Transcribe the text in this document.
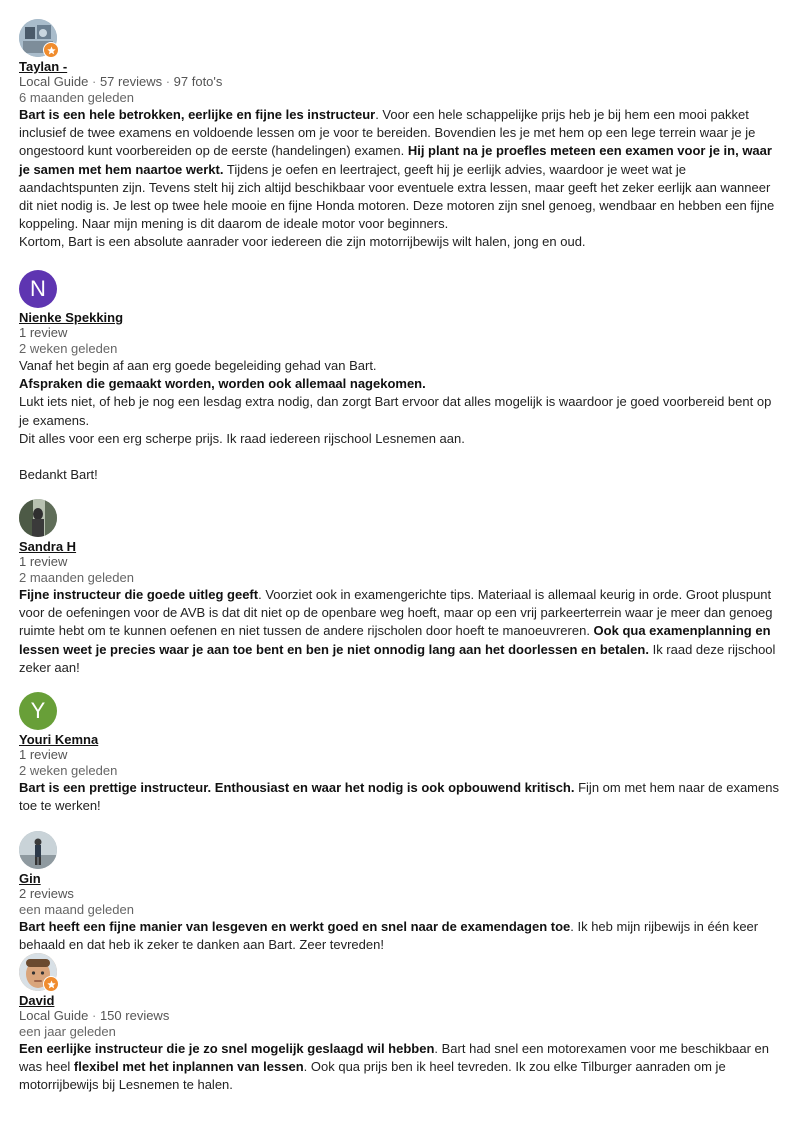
Taylan -
Local Guide · 57 reviews · 97 foto's
6 maanden geleden

Bart is een hele betrokken, eerlijke en fijne les instructeur. Voor een hele schappelijke prijs heb je bij hem een mooi pakket inclusief de twee examens en voldoende lessen om je voor te bereiden. Bovendien les je met hem op een lege terrein waar je je ongestoord kunt voorbereiden op de eerste (handelingen) examen. Hij plant na je proefles meteen een examen voor je in, waar je samen met hem naartoe werkt. Tijdens je oefen en leertraject, geeft hij je eerlijk advies, waardoor je weet wat je aandachtspunten zijn. Tevens stelt hij zich altijd beschikbaar voor eventuele extra lessen, maar geeft het zeker eerlijk aan wanneer dit niet nodig is. Je lest op twee hele mooie en fijne Honda motoren. Deze motoren zijn snel genoeg, wendbaar en hebben een fijne koppeling. Naar mijn mening is dit daarom de ideale motor voor beginners.

Kortom, Bart is een absolute aanrader voor iedereen die zijn motorrijbewijs wilt halen, jong en oud.

N
Nienke Spekking
1 review
2 weken geleden

Vanaf het begin af aan erg goede begeleiding gehad van Bart.

Afspraken die gemaakt worden, worden ook allemaal nagekomen.

Lukt iets niet, of heb je nog een lesdag extra nodig, dan zorgt Bart ervoor dat alles mogelijk is waardoor je goed voorbereid bent op je examens.

Dit alles voor een erg scherpe prijs. Ik raad iedereen rijschool Lesnemen aan.

Bedankt Bart!

Sandra H
1 review
2 maanden geleden

Fijne instructeur die goede uitleg geeft. Voorziet ook in examengerichte tips. Materiaal is allemaal keurig in orde. Groot pluspunt voor de oefeningen voor de AVB is dat dit niet op de openbare weg hoeft, maar op een vrij parkeerterrein waar je meer dan genoeg ruimte hebt om te kunnen oefenen en niet tussen de andere rijscholen door hoeft te manoeuvreren. Ook qua examenplanning en lessen weet je precies waar je aan toe bent en ben je niet onnodig lang aan het doorlessen en betalen. Ik raad deze rijschool zeker aan!

Y
Youri Kemna
1 review
2 weken geleden

Bart is een prettige instructeur. Enthousiast en waar het nodig is ook opbouwend kritisch. Fijn om met hem naar de examens toe te werken!

Gin
2 reviews
een maand geleden

Bart heeft een fijne manier van lesgeven en werkt goed en snel naar de examendagen toe. Ik heb mijn rijbewijs in één keer behaald en dat heb ik zeker te danken aan Bart. Zeer tevreden!

David
Local Guide · 150 reviews
een jaar geleden

Een eerlijke instructeur die je zo snel mogelijk geslaagd wil hebben. Bart had snel een motorexamen voor me beschikbaar en was heel flexibel met het inplannen van lessen. Ook qua prijs ben ik heel tevreden. Ik zou elke Tilburger aanraden om je motorrijbewijs bij Lesnemen te halen.
